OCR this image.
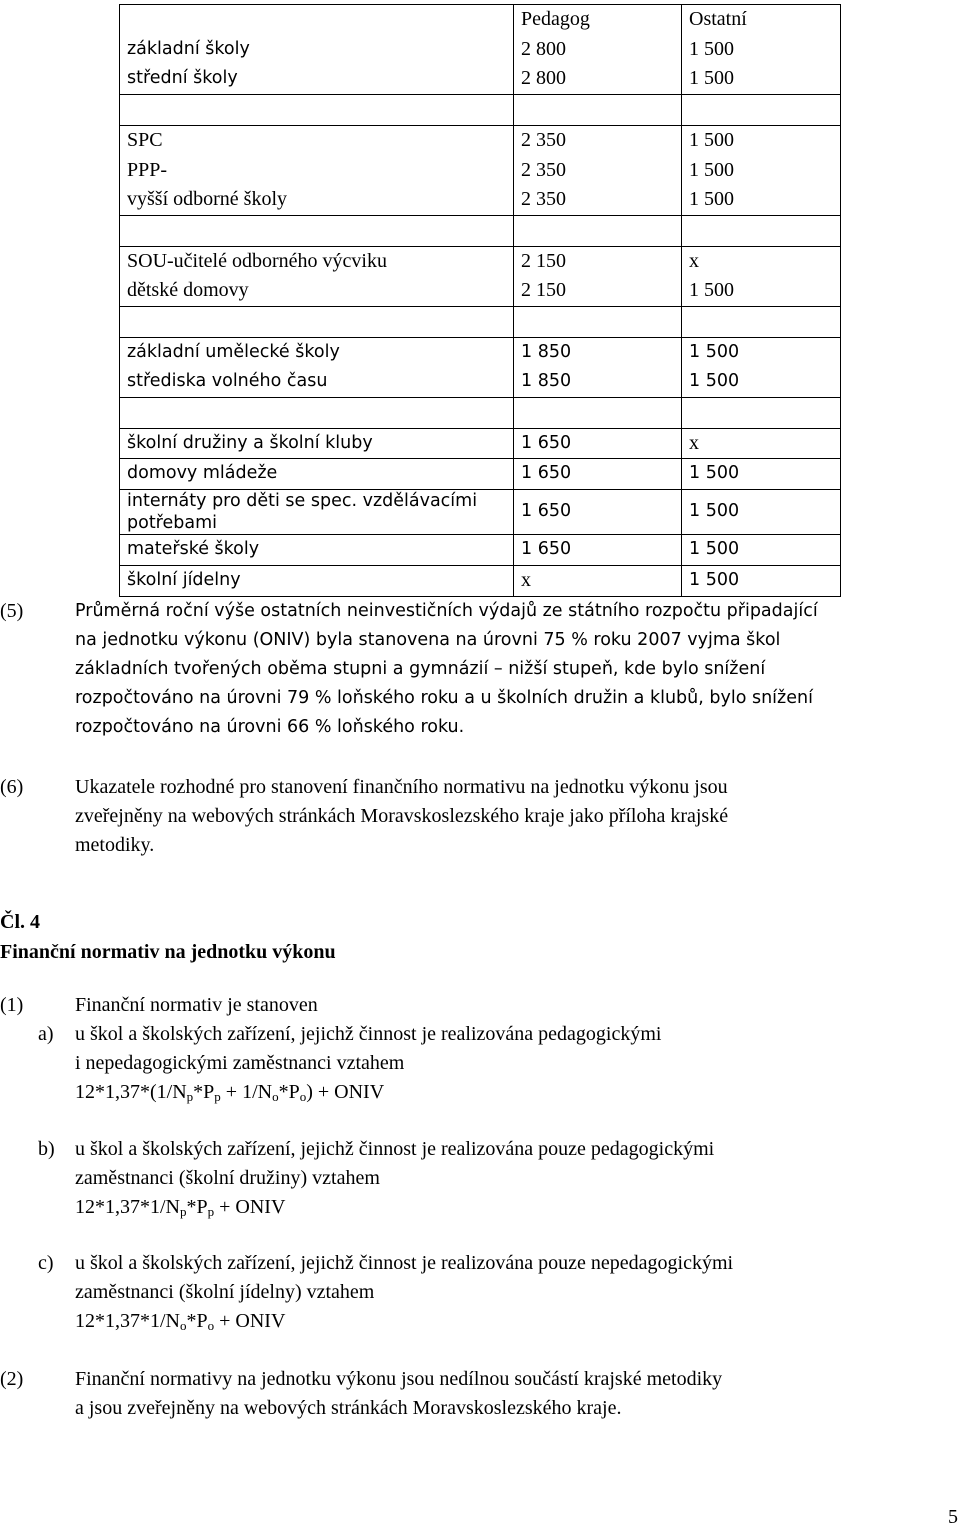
	Pedagog	Ostatní
základní školy	2 800	1 500
střední školy	2 800	1 500

SPC	2 350	1 500
PPP-	2 350	1 500
vyšší odborné školy	2 350	1 500

SOU-učitelé odborného výcviku	2 150	x
dětské domovy	2 150	1 500

základní umělecké školy	1 850	1 500
střediska volného času	1 850	1 500

školní družiny a školní kluby	1 650	x
domovy mládeže	1 650	1 500
internáty pro děti se spec. vzdělávacími potřebami	1 650	1 500
mateřské školy	1 650	1 500
školní jídelny	x	1 500
(5)	Průměrná roční výše ostatních neinvestičních výdajů ze státního rozpočtu připadající
na jednotku výkonu (ONIV) byla stanovena na úrovni 75 % roku 2007 vyjma škol
základních tvořených oběma stupni a gymnázií – nižší stupeň, kde bylo snížení
rozpočtováno na úrovni 79 % loňského roku a u školních družin a klubů, bylo snížení
rozpočtováno na úrovni 66 % loňského roku.
(6)	Ukazatele rozhodné pro stanovení finančního normativu na jednotku výkonu jsou
zveřejněny na webových stránkách Moravskoslezského kraje jako příloha krajské
metodiky.
Čl. 4
Finanční normativ na jednotku výkonu
(1)	Finanční normativ je stanoven
a) u škol a školských zařízení, jejichž činnost je realizována pedagogickými
i nepedagogickými zaměstnanci vztahem
$12*1,37*(1/N_p*P_p + 1/N_o*P_o)$ + ONIV
b) u škol a školských zařízení, jejichž činnost je realizována pouze pedagogickými
zaměstnanci (školní družiny) vztahem
$12*1,37*1/N_p*P_p$ + ONIV
c) u škol a školských zařízení, jejichž činnost je realizována pouze nepedagogickými
zaměstnanci (školní jídelny) vztahem
$12*1,37*1/N_o*P_o$ + ONIV
(2)	Finanční normativy na jednotku výkonu jsou nedílnou součástí krajské metodiky
a jsou zveřejněny na webových stránkách Moravskoslezského kraje.
5
